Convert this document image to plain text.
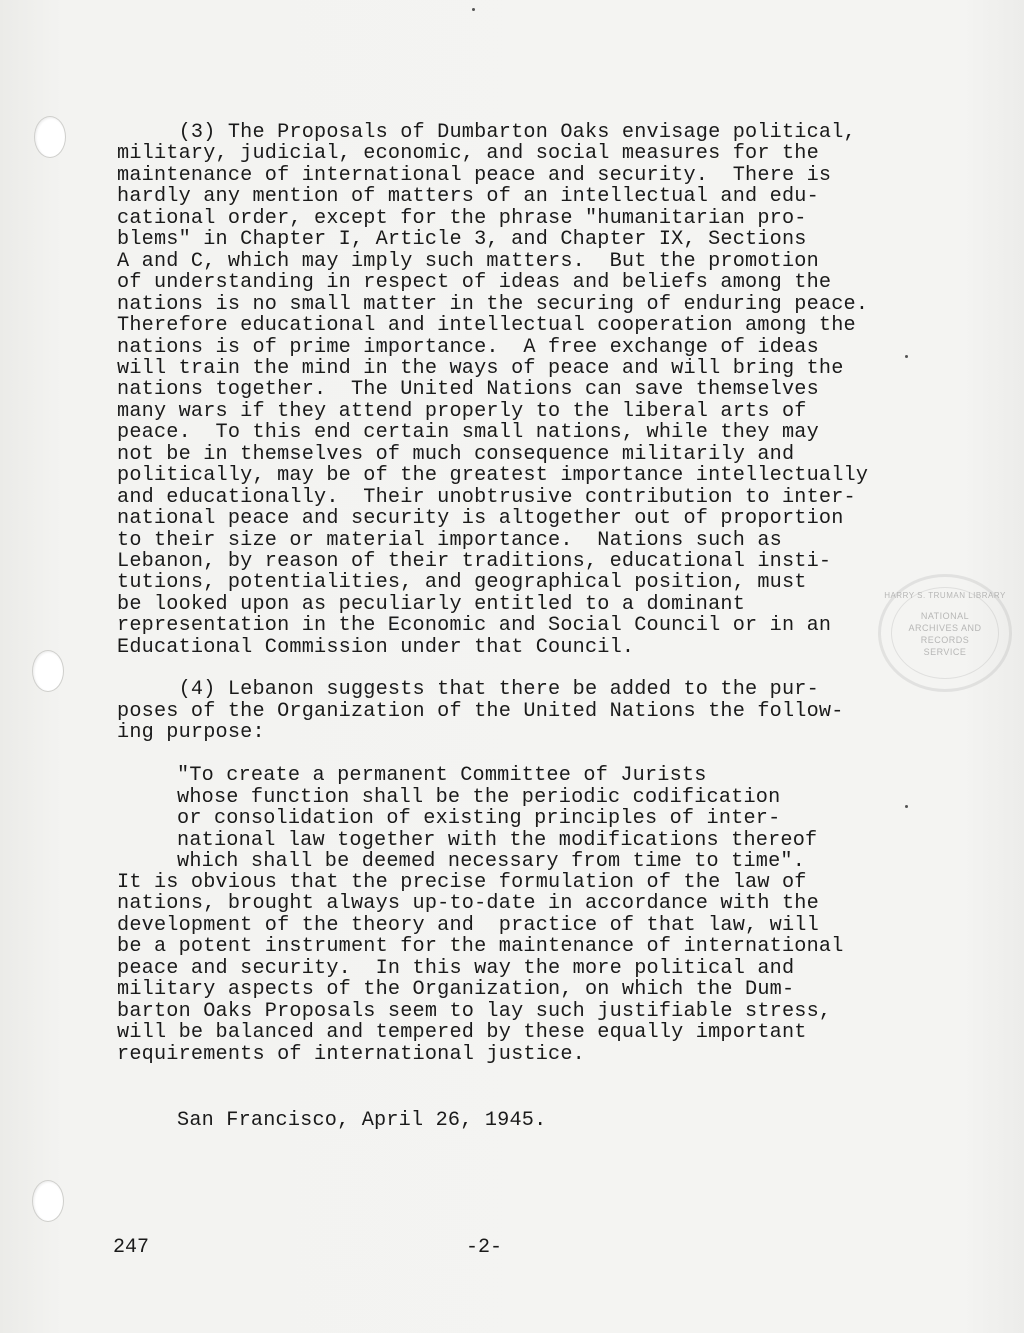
(3) The Proposals of Dumbarton Oaks envisage political,
military, judicial, economic, and social measures for the
maintenance of international peace and security.  There is
hardly any mention of matters of an intellectual and edu-
cational order, except for the phrase "humanitarian pro-
blems" in Chapter I, Article 3, and Chapter IX, Sections
A and C, which may imply such matters.  But the promotion
of understanding in respect of ideas and beliefs among the
nations is no small matter in the securing of enduring peace.
Therefore educational and intellectual cooperation among the
nations is of prime importance.  A free exchange of ideas
will train the mind in the ways of peace and will bring the
nations together.  The United Nations can save themselves
many wars if they attend properly to the liberal arts of
peace.  To this end certain small nations, while they may
not be in themselves of much consequence militarily and
politically, may be of the greatest importance intellectually
and educationally.  Their unobtrusive contribution to inter-
national peace and security is altogether out of proportion
to their size or material importance.  Nations such as
Lebanon, by reason of their traditions, educational insti-
tutions, potentialities, and geographical position, must
be looked upon as peculiarly entitled to a dominant
representation in the Economic and Social Council or in an
Educational Commission under that Council.
(4) Lebanon suggests that there be added to the pur-
poses of the Organization of the United Nations the follow-
ing purpose:
"To create a permanent Committee of Jurists
whose function shall be the periodic codification
or consolidation of existing principles of inter-
national law together with the modifications thereof
which shall be deemed necessary from time to time".
It is obvious that the precise formulation of the law of
nations, brought always up-to-date in accordance with the
development of the theory and  practice of that law, will
be a potent instrument for the maintenance of international
peace and security.  In this way the more political and
military aspects of the Organization, on which the Dum-
barton Oaks Proposals seem to lay such justifiable stress,
will be balanced and tempered by these equally important
requirements of international justice.
San Francisco, April 26, 1945.
HARRY S. TRUMAN LIBRARY
NATIONAL
ARCHIVES AND
RECORDS
SERVICE
247	-2-
